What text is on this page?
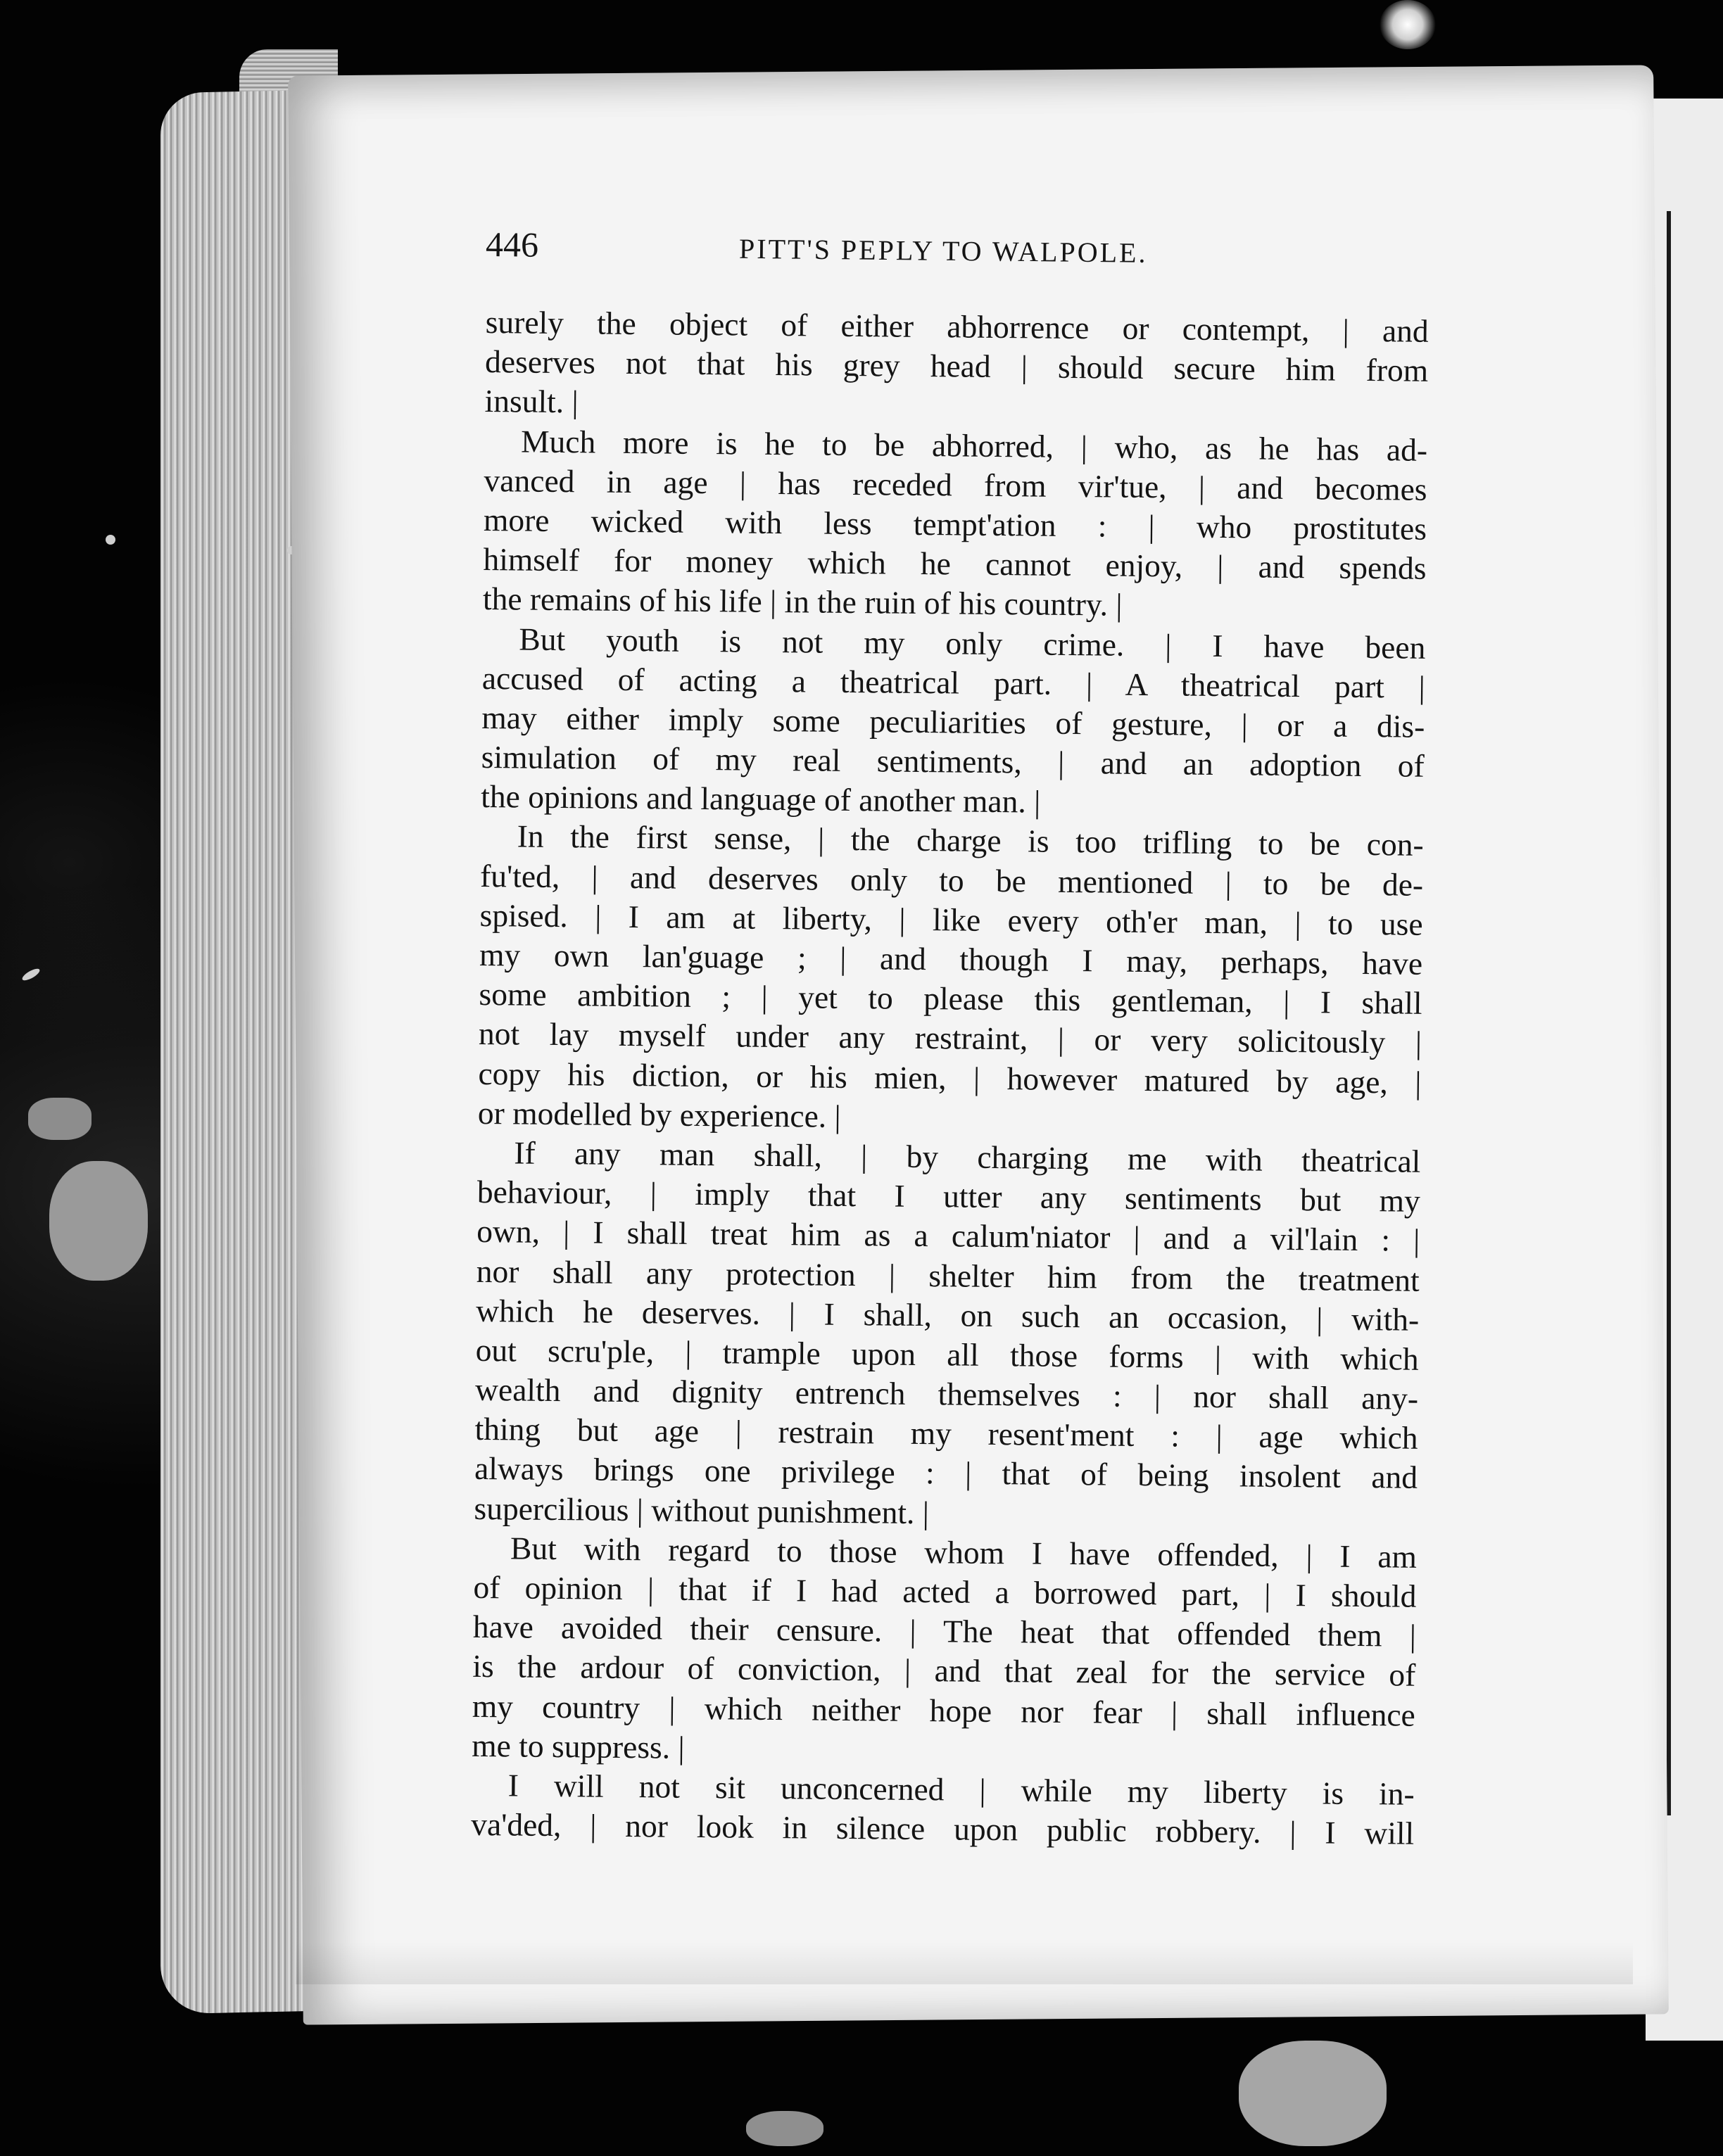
446	PITT'S PEPLY TO WALPOLE.
surely the object of either abhorrence or contempt, | and
deserves not that his grey head | should secure him from
insult. |
Much more is he to be abhorred, | who, as he has ad-
vanced in age | has receded from vir'tue, | and becomes
more wicked with less tempt'ation : | who prostitutes
himself for money which he cannot enjoy, | and spends
the remains of his life | in the ruin of his country. |
But youth is not my only crime. | I have been
accused of acting a theatrical part. | A theatrical part |
may either imply some peculiarities of gesture, | or a dis-
simulation of my real sentiments, | and an adoption of
the opinions and language of another man. |
In the first sense, | the charge is too trifling to be con-
fu'ted, | and deserves only to be mentioned | to be de-
spised. | I am at liberty, | like every oth'er man, | to use
my own lan'guage ; | and though I may, perhaps, have
some ambition ; | yet to please this gentleman, | I shall
not lay myself under any restraint, | or very solicitously |
copy his diction, or his mien, | however matured by age, |
or modelled by experience. |
If any man shall, | by charging me with theatrical
behaviour, | imply that I utter any sentiments but my
own, | I shall treat him as a calum'niator | and a vil'lain : |
nor shall any protection | shelter him from the treatment
which he deserves. | I shall, on such an occasion, | with-
out scru'ple, | trample upon all those forms | with which
wealth and dignity entrench themselves : | nor shall any-
thing but age | restrain my resent'ment : | age which
always brings one privilege : | that of being insolent and
supercilious | without punishment. |
But with regard to those whom I have offended, | I am
of opinion | that if I had acted a borrowed part, | I should
have avoided their censure. | The heat that offended them |
is the ardour of conviction, | and that zeal for the service of
my country | which neither hope nor fear | shall influence
me to suppress. |
I will not sit unconcerned | while my liberty is in-
va'ded, | nor look in silence upon public robbery. | I will
